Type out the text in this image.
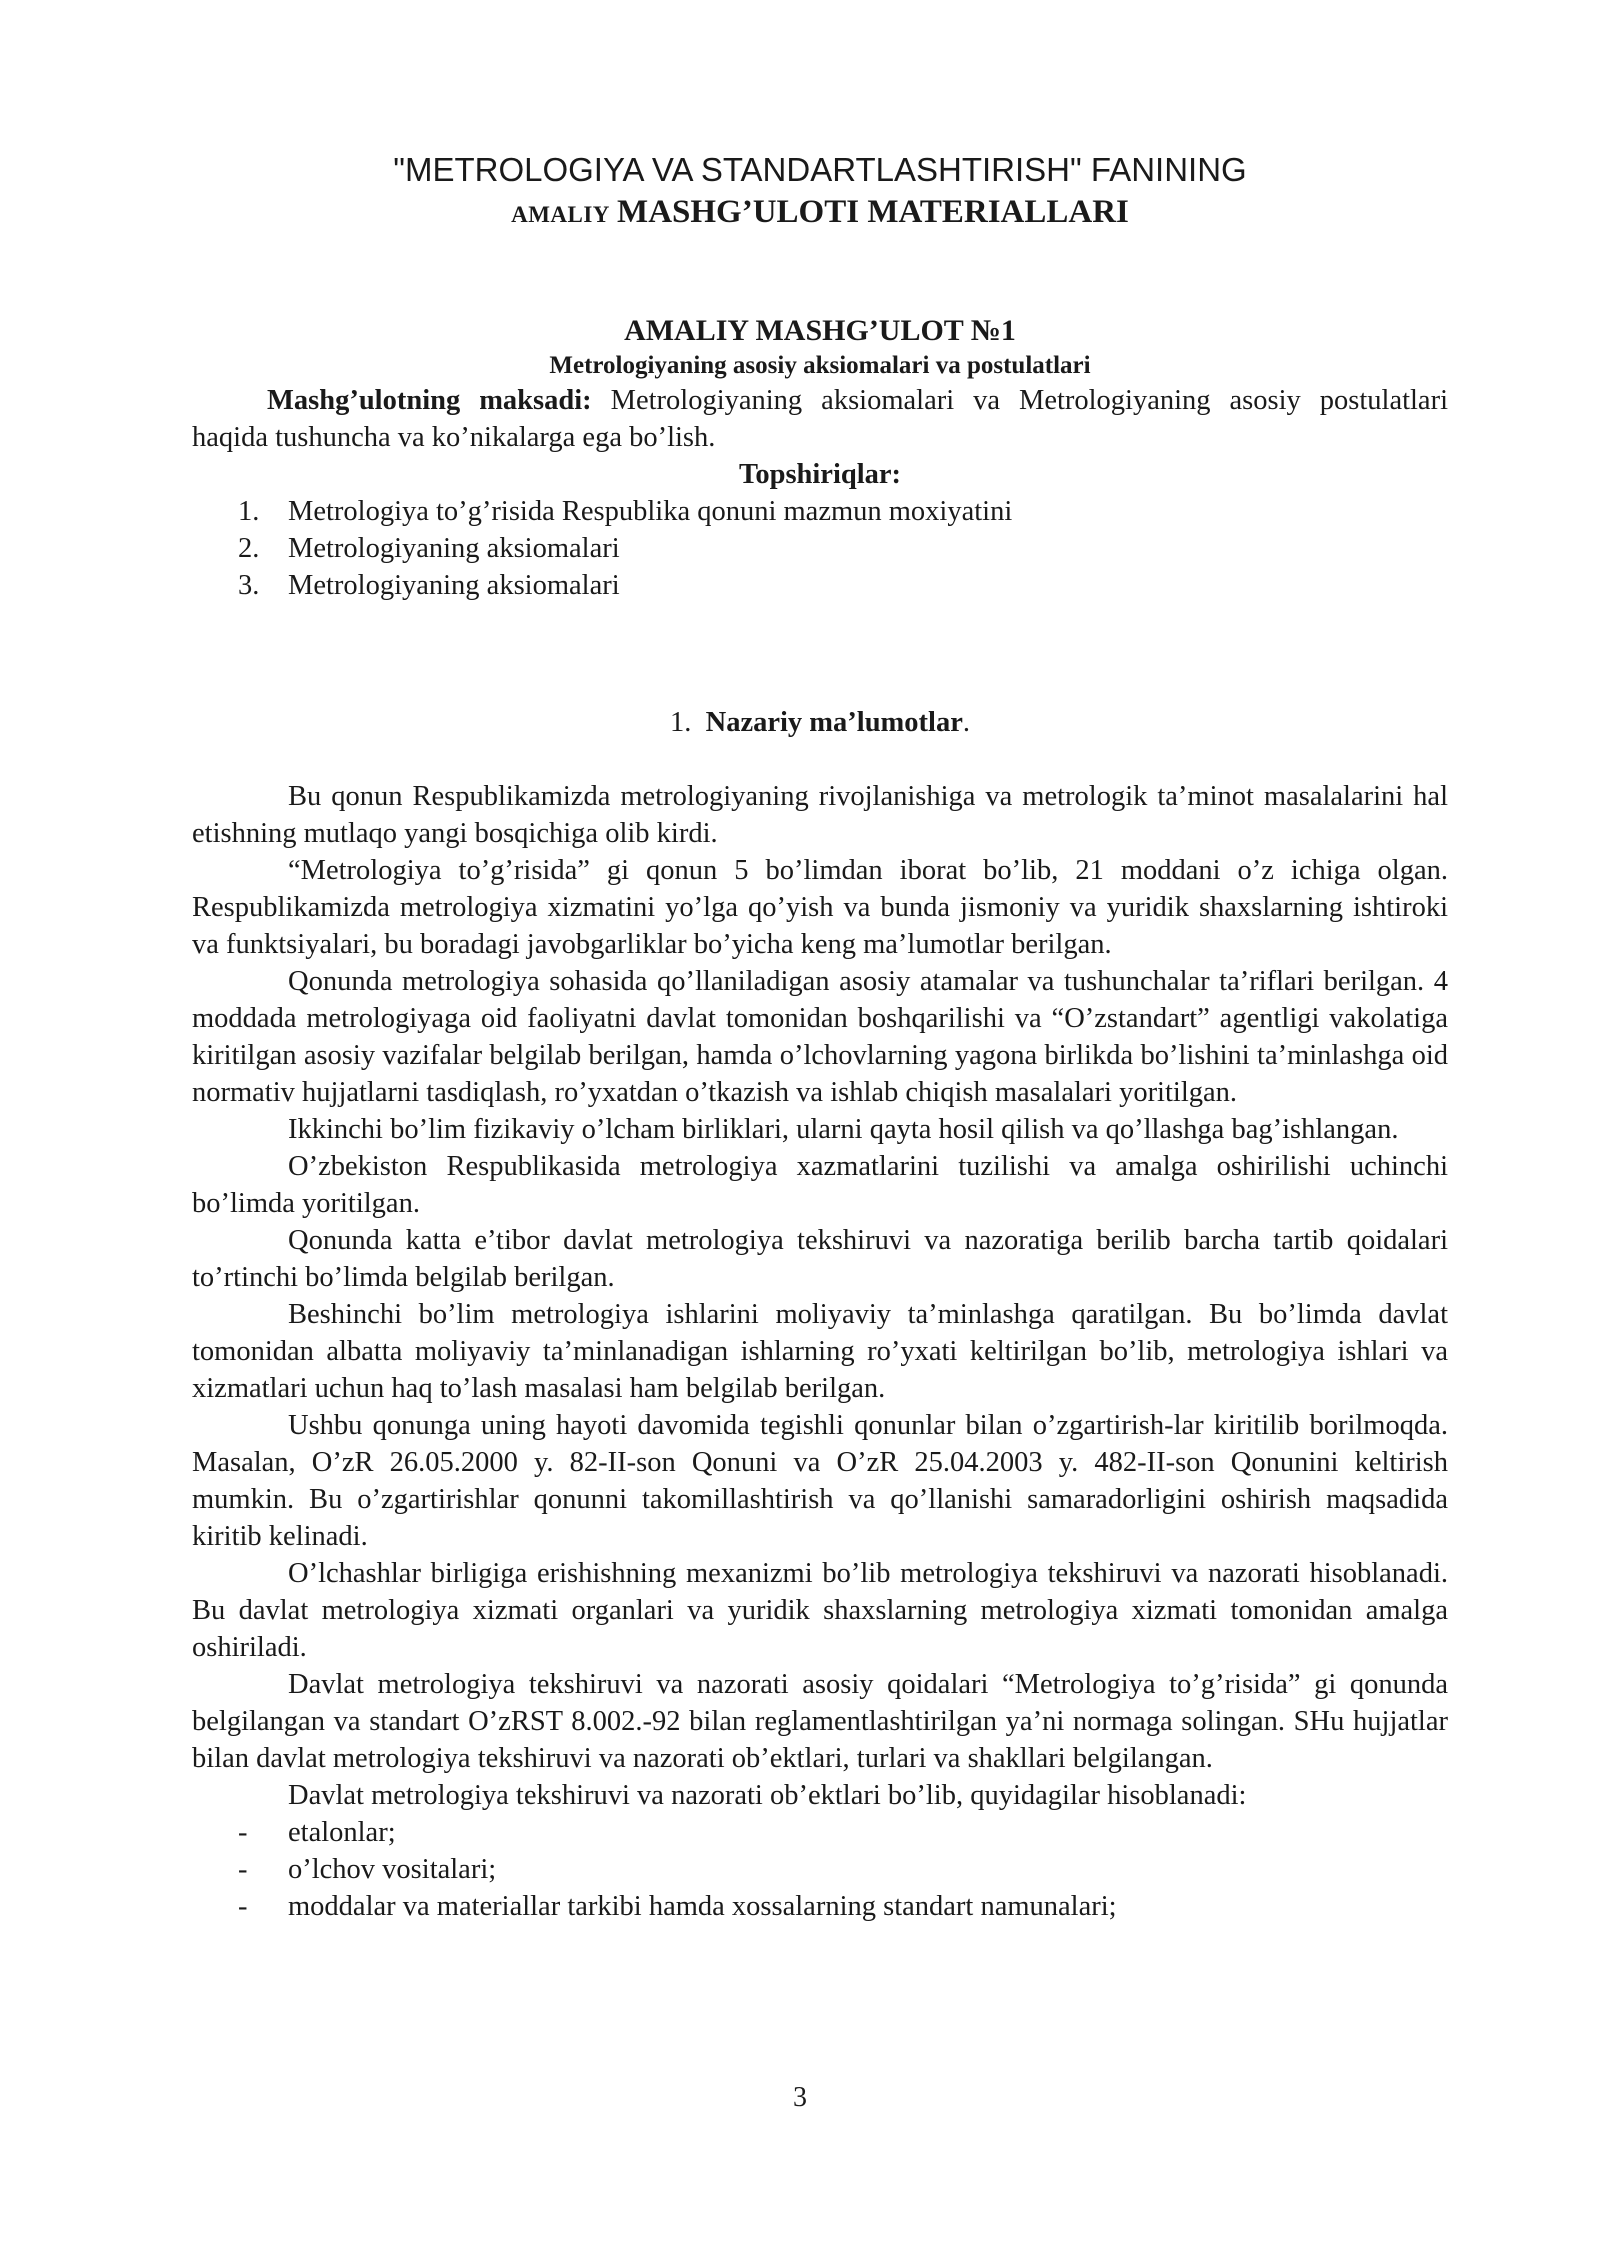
"METROLOGIYA VA STANDARTLASHTIRISH" FANINING
AMALIY MASHG’ULOTI MATERIALLARI
AMALIY MASHG’ULOT №1
Metrologiyaning asosiy aksiomalari va postulatlari

Mashg’ulotning maksadi: Metrologiyaning aksiomalari va Metrologiyaning asosiy postulatlari haqida tushuncha va ko’nikalarga ega bo’lish.

Topshiriqlar:

1. Metrologiya to’g’risida Respublika qonuni mazmun moxiyatini
2. Metrologiyaning aksiomalari
3. Metrologiyaning aksiomalari
1. Nazariy ma’lumotlar.

Bu qonun Respublikamizda metrologiyaning rivojlanishiga va metrologik ta’minot masalalarini hal etishning mutlaqo yangi bosqichiga olib kirdi.

“Metrologiya to’g’risida” gi qonun 5 bo’limdan iborat bo’lib, 21 moddani o’z ichiga olgan. Respublikamizda metrologiya xizmatini yo’lga qo’yish va bunda jismoniy va yuridik shaxslarning ishtiroki va funktsiyalari, bu boradagi javobgarliklar bo’yicha keng ma’lumotlar berilgan.

Qonunda metrologiya sohasida qo’llaniladigan asosiy atamalar va tushunchalar ta’riflari berilgan. 4 moddada metrologiyaga oid faoliyatni davlat tomonidan boshqarilishi va “O’zstandart” agentligi vakolatiga kiritilgan asosiy vazifalar belgilab berilgan, hamda o’lchovlarning yagona birlikda bo’lishini ta’minlashga oid normativ hujjatlarni tasdiqlash, ro’yxatdan o’tkazish va ishlab chiqish masalalari yoritilgan.

Ikkinchi bo’lim fizikaviy o’lcham birliklari, ularni qayta hosil qilish va qo’llashga bag’ishlangan.

O’zbekiston Respublikasida metrologiya xazmatlarini tuzilishi va amalga oshirilishi uchinchi bo’limda yoritilgan.

Qonunda katta e’tibor davlat metrologiya tekshiruvi va nazoratiga berilib barcha tartib qoidalari to’rtinchi bo’limda belgilab berilgan.

Beshinchi bo’lim metrologiya ishlarini moliyaviy ta’minlashga qaratilgan. Bu bo’limda davlat tomonidan albatta moliyaviy ta’minlanadigan ishlarning ro’yxati keltirilgan bo’lib, metrologiya ishlari va xizmatlari uchun haq to’lash masalasi ham belgilab berilgan.

Ushbu qonunga uning hayoti davomida tegishli qonunlar bilan o’zgartirish-lar kiritilib borilmoqda. Masalan, O’zR 26.05.2000 y. 82-II-son Qonuni va O’zR 25.04.2003 y. 482-II-son Qonunini keltirish mumkin. Bu o’zgartirishlar qonunni takomillashtirish va qo’llanishi samaradorligini oshirish maqsadida kiritib kelinadi.

O’lchashlar birligiga erishishning mexanizmi bo’lib metrologiya tekshiruvi va nazorati hisoblanadi. Bu davlat metrologiya xizmati organlari va yuridik shaxslarning metrologiya xizmati tomonidan amalga oshiriladi.

Davlat metrologiya tekshiruvi va nazorati asosiy qoidalari “Metrologiya to’g’risida” gi qonunda belgilangan va standart O’zRST 8.002.-92 bilan reglamentlashtirilgan ya’ni normaga solingan. SHu hujjatlar bilan davlat metrologiya tekshiruvi va nazorati ob’ektlari, turlari va shakllari belgilangan.

Davlat metrologiya tekshiruvi va nazorati ob’ektlari bo’lib, quyidagilar hisoblanadi:

- etalonlar;
- o’lchov vositalari;
- moddalar va materiallar tarkibi hamda xossalarning standart namunalari;
3
